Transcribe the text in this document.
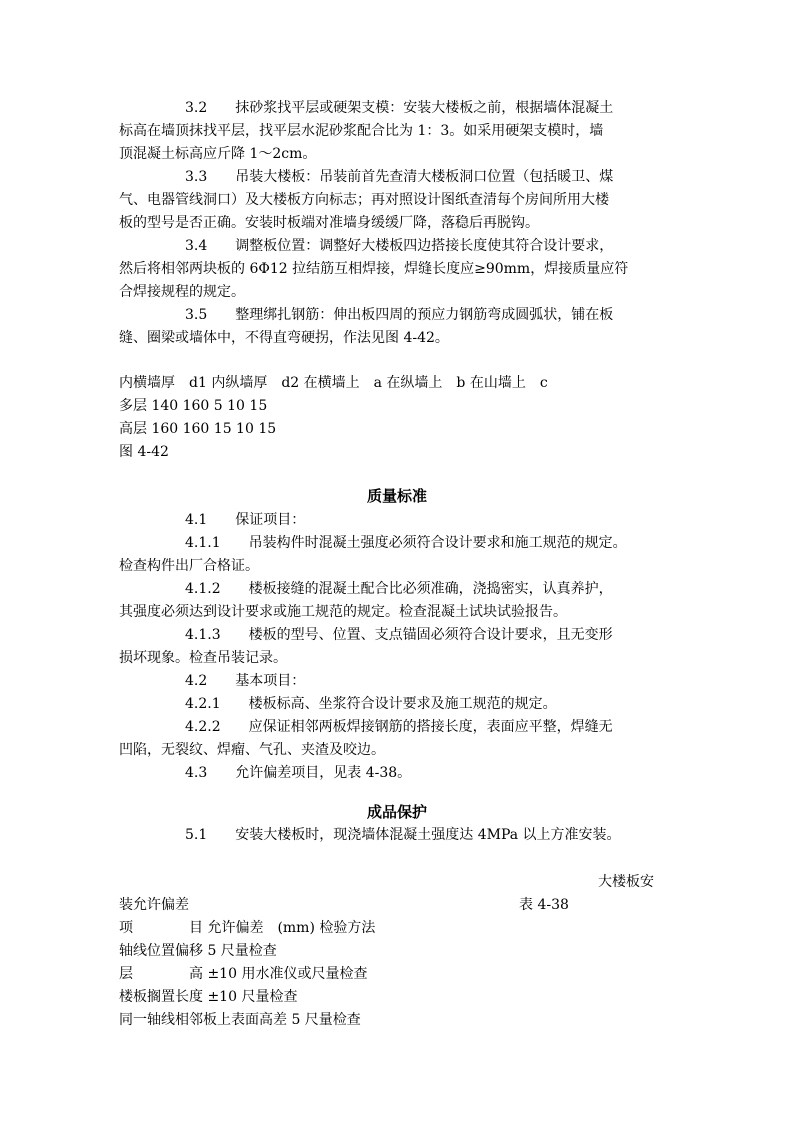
3.2　　抹砂浆找平层或硬架支模：安装大楼板之前，根据墙体混凝土
标高在墙顶抹找平层，找平层水泥砂浆配合比为 1：3。如采用硬架支模时，墙
顶混凝土标高应斤降 1～2cm。
3.3　　吊装大楼板：吊装前首先查清大楼板洞口位置（包括暖卫、煤
气、电器管线洞口）及大楼板方向标志；再对照设计图纸查清每个房间所用大楼
板的型号是否正确。安装时板端对准墙身缓缓厂降，落稳后再脱钩。
3.4　　调整板位置：调整好大楼板四边搭接长度使其符合设计要求，
然后将相邻两块板的 6Φ12 拉结筋互相焊接，焊缝长度应≥90mm，焊接质量应符
合焊接规程的规定。
3.5　　整理绑扎钢筋：伸出板四周的预应力钢筋弯成圆弧状，铺在板
缝、圈梁或墙体中，不得直弯硬拐，作法见图 4-42。
内横墙厚　d1 内纵墙厚　d2 在横墙上　a 在纵墙上　b 在山墙上　c
多层 140 160 5 10 15
高层 160 160 15 10 15
图 4-42
质量标准
4.1　　保证项目：
4.1.1　　吊装构件时混凝土强度必须符合设计要求和施工规范的规定。
检查构件出厂合格证。
4.1.2　　楼板接缝的混凝土配合比必须准确，浇捣密实，认真养护，
其强度必须达到设计要求或施工规范的规定。检查混凝土试块试验报告。
4.1.3　　楼板的型号、位置、支点锚固必须符合设计要求，且无变形
损坏现象。检查吊装记录。
4.2　　基本项目：
4.2.1　　楼板标高、坐浆符合设计要求及施工规范的规定。
4.2.2　　应保证相邻两板焊接钢筋的搭接长度，表面应平整，焊缝无
凹陷，无裂纹、焊瘤、气孔、夹渣及咬边。
4.3　　允许偏差项目，见表 4-38。
成品保护
5.1　　安装大楼板时，现浇墙体混凝土强度达 4MPa 以上方准安装。
大楼板安
装允许偏差	表 4-38
项　　　　目 允许偏差　(mm) 检验方法
轴线位置偏移 5 尺量检查
层　　　　高 ±10 用水准仪或尺量检查
楼板搁置长度 ±10 尺量检查
同一轴线相邻板上表面高差 5 尺量检查
